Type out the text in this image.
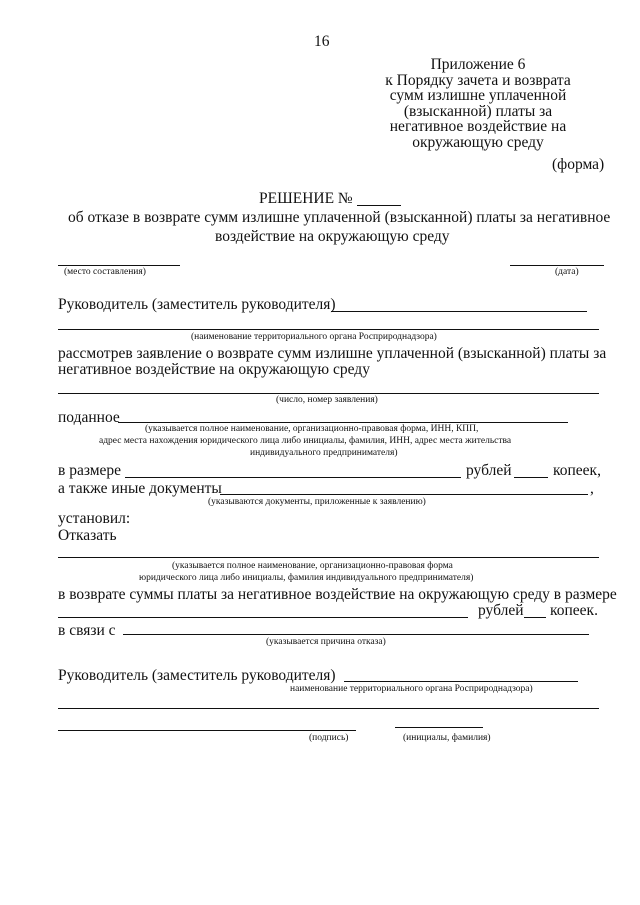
16
Приложение 6
к Порядку зачета и возврата
сумм излишне уплаченной
(взысканной) платы за
негативное воздействие на
окружающую среду
(форма)
РЕШЕНИЕ №
об отказе в возврате сумм излишне уплаченной (взысканной) платы за негативное
воздействие на окружающую среду
(место составления)	(дата)
Руководитель (заместитель руководителя)
(наименование территориального органа Росприроднадзора)
рассмотрев заявление о возврате сумм излишне уплаченной (взысканной) платы за
негативное воздействие на окружающую среду
(число, номер заявления)
поданное
(указывается полное наименование, организационно-правовая форма, ИНН, КПП,
адрес места нахождения юридического лица либо инициалы, фамилия, ИНН, адрес места жительства
индивидуального предпринимателя)
в размере	рублей	копеек,
а также иные документы	,
(указываются документы, приложенные к заявлению)
установил:
Отказать
(указывается полное наименование, организационно-правовая форма
юридического лица либо инициалы, фамилия индивидуального предпринимателя)
в возврате суммы платы за негативное воздействие на окружающую среду в размере
рублей копеек.
в связи с
(указывается причина отказа)
Руководитель (заместитель руководителя)
наименование территориального органа Росприроднадзора)
(подпись)	(инициалы, фамилия)
